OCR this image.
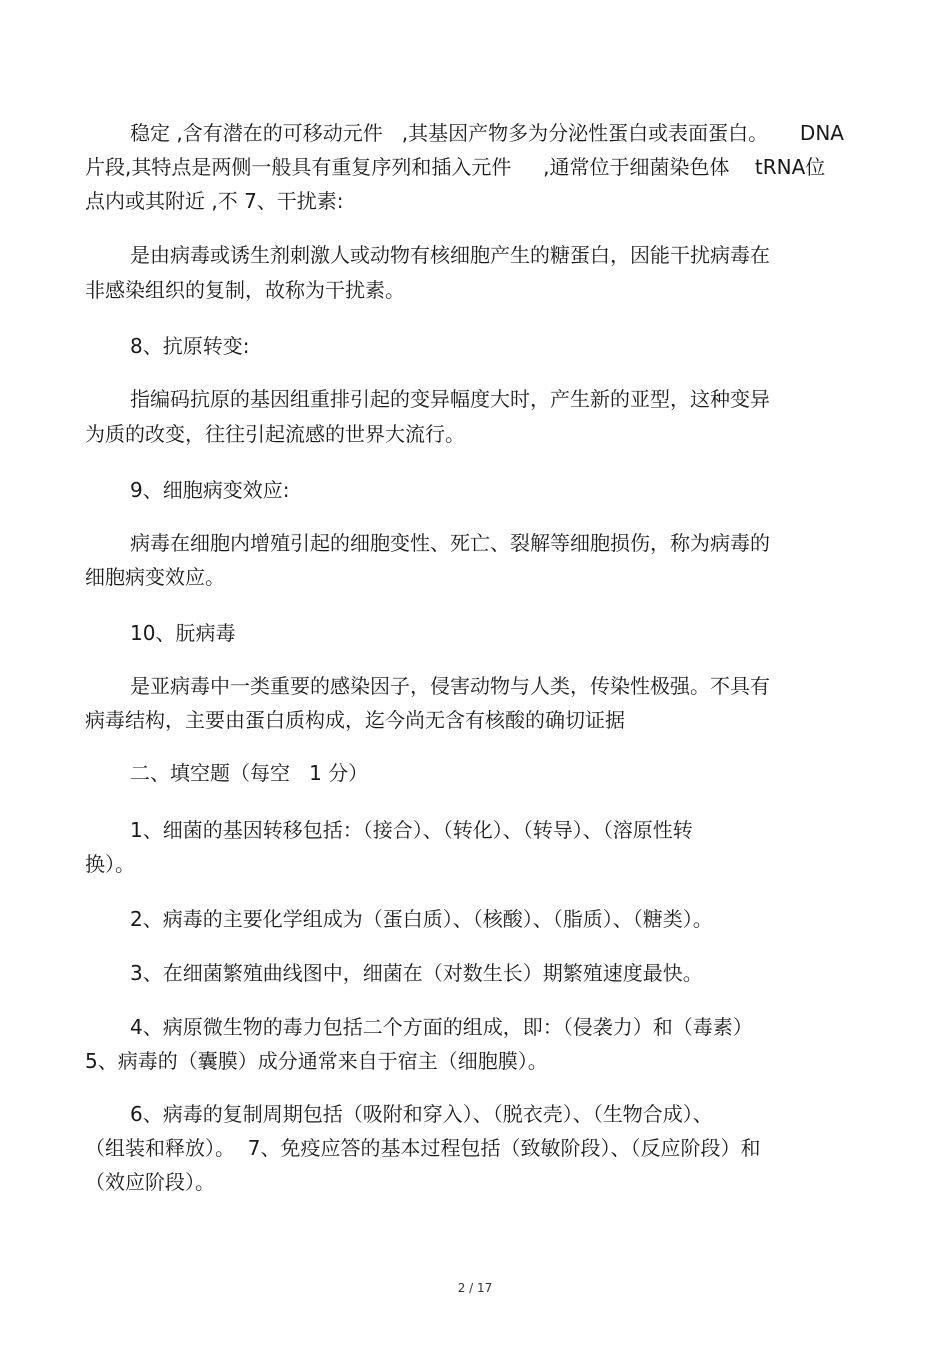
稳定 ,含有潜在的可移动元件   ,其基因产物多为分泌性蛋白或表面蛋白。     DNA
片段,其特点是两侧一般具有重复序列和插入元件     ,通常位于细菌染色体    tRNA位
点内或其附近 ,不 7、干扰素:
是由病毒或诱生剂刺激人或动物有核细胞产生的糖蛋白，因能干扰病毒在
非感染组织的复制，故称为干扰素。
8、抗原转变:
指编码抗原的基因组重排引起的变异幅度大时，产生新的亚型，这种变异
为质的改变，往往引起流感的世界大流行。
9、细胞病变效应:
病毒在细胞内增殖引起的细胞变性、死亡、裂解等细胞损伤，称为病毒的
细胞病变效应。
10、朊病毒
是亚病毒中一类重要的感染因子，侵害动物与人类，传染性极强。不具有
病毒结构，主要由蛋白质构成，迄今尚无含有核酸的确切证据
二、填空题（每空   1 分）
1、细菌的基因转移包括：（接合）、（转化）、（转导）、（溶原性转
换）。
2、病毒的主要化学组成为（蛋白质）、（核酸）、（脂质）、（糖类）。
3、在细菌繁殖曲线图中，细菌在（对数生长）期繁殖速度最快。
4、病原微生物的毒力包括二个方面的组成，即：（侵袭力）和（毒素）
5、病毒的（囊膜）成分通常来自于宿主（细胞膜）。
6、病毒的复制周期包括（吸附和穿入）、（脱衣壳）、（生物合成）、
（组装和释放）。  7、免疫应答的基本过程包括（致敏阶段）、（反应阶段）和
（效应阶段）。
2 / 17
